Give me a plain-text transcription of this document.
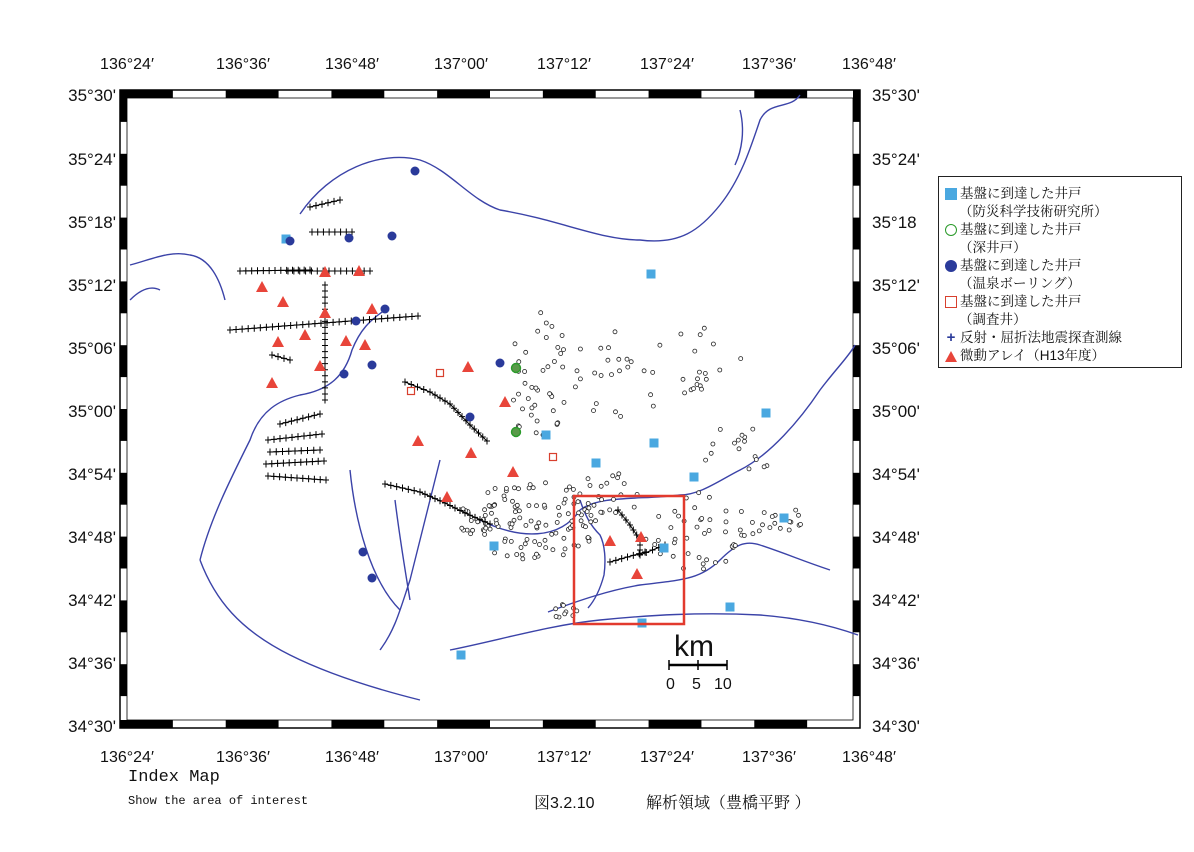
136°24′	136°36′	136°48′	137°00′	137°12′	137°24′	137°36′	136°48′
136°24′	136°36′	136°48′	137°00′	137°12′	137°24′	137°36′	136°48′
35°30'
35°24'
35°18'
35°12'
35°06'
35°00'
34°54'
34°48'
34°42'
34°36'
34°30'
35°30'
35°24'
35°18
35°12'
35°06'
35°00'
34°54'
34°48'
34°42'
34°36'
34°30'
基盤に到達した井戸
（防災科学技術研究所）
基盤に到達した井戸
（深井戸）
基盤に到達した井戸
（温泉ボーリング）
基盤に到達した井戸
（調査井）
+ 反射・屈折法地震探査測線
微動アレイ（H13年度）
km
0 5 10
Index Map
Show the area of interest	図3.2.10	解析領域（豊橋平野 ）
